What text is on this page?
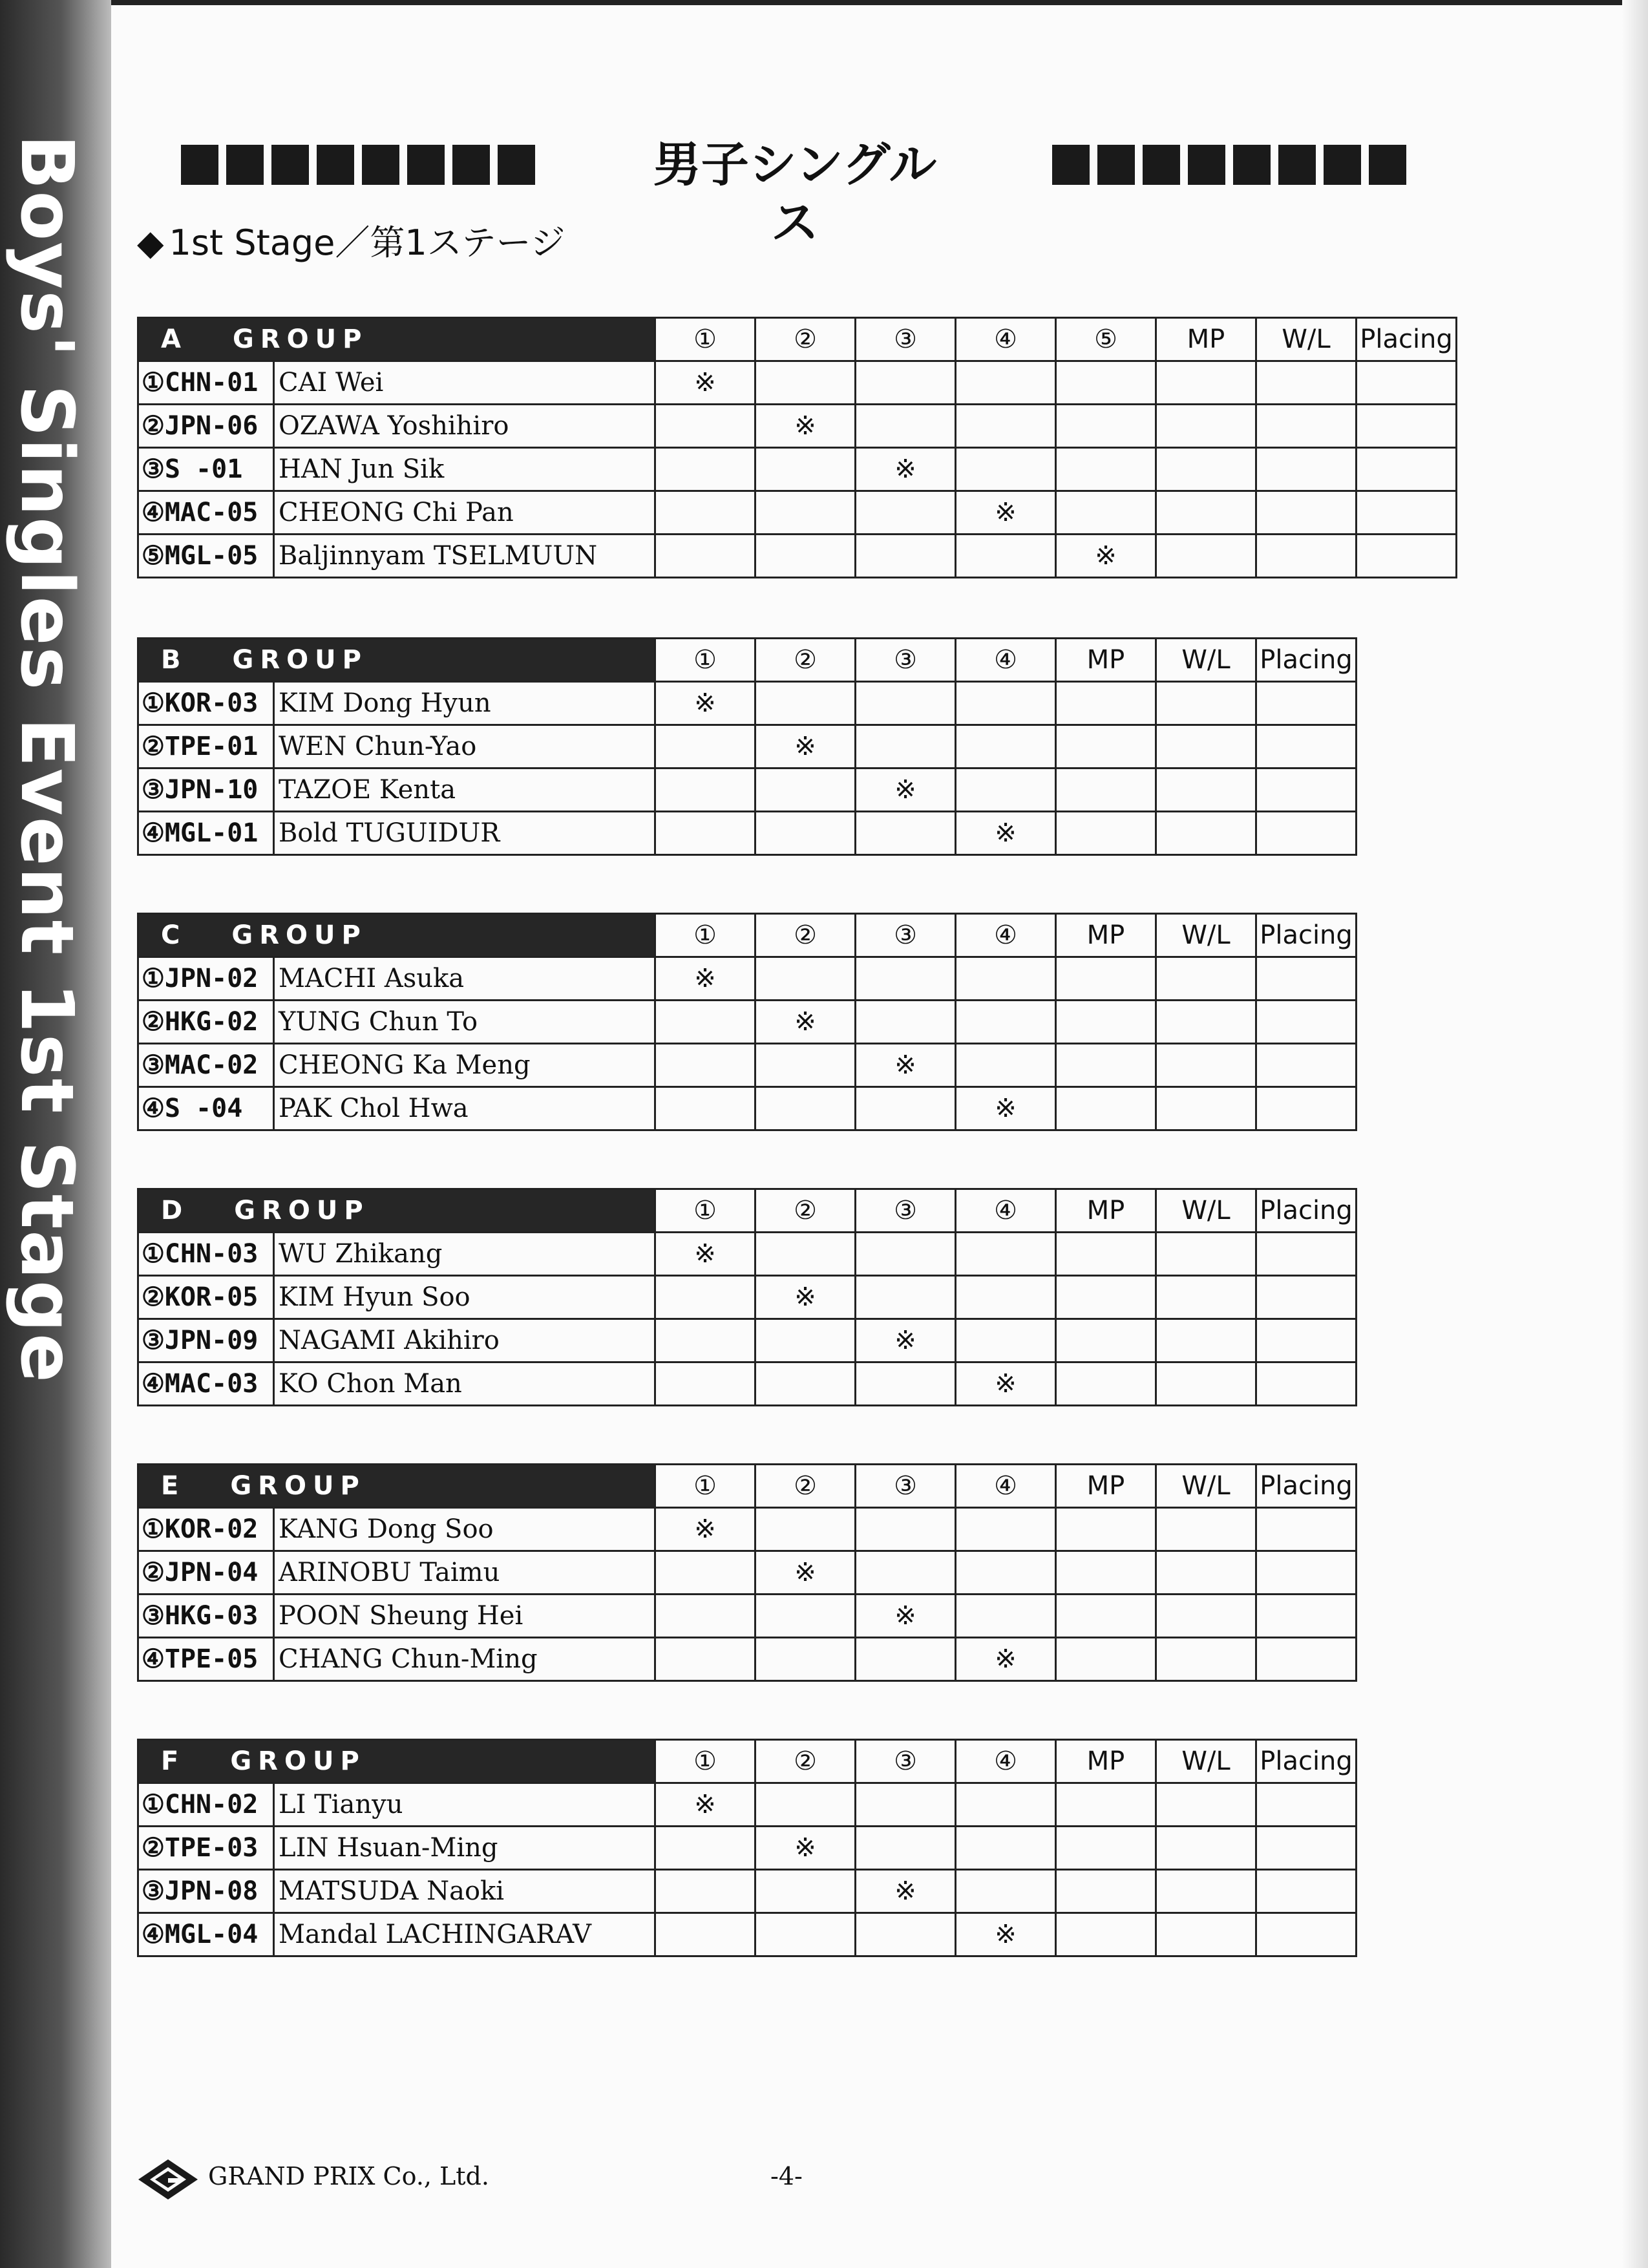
Boys' Singles Event 1st Stage	男子シングルス
◆ 1st Stage／第1ステージ
A GROUP		①	②	③	④	⑤	MP	W/L	Placing
①CHN-01	CAI Wei	※							
②JPN-06	OZAWA Yoshihiro		※						
③S -01	HAN Jun Sik			※					
④MAC-05	CHEONG Chi Pan				※				
⑤MGL-05	Baljinnyam TSELMUUN					※			
B GROUP		①	②	③	④	MP	W/L	Placing
①KOR-03	KIM Dong Hyun	※						
②TPE-01	WEN Chun-Yao		※					
③JPN-10	TAZOE Kenta			※				
④MGL-01	Bold TUGUIDUR				※			
C GROUP		①	②	③	④	MP	W/L	Placing
①JPN-02	MACHI Asuka	※						
②HKG-02	YUNG Chun To		※					
③MAC-02	CHEONG Ka Meng			※				
④S -04	PAK Chol Hwa				※			
D GROUP		①	②	③	④	MP	W/L	Placing
①CHN-03	WU Zhikang	※						
②KOR-05	KIM Hyun Soo		※					
③JPN-09	NAGAMI Akihiro			※				
④MAC-03	KO Chon Man				※			
E GROUP		①	②	③	④	MP	W/L	Placing
①KOR-02	KANG Dong Soo	※						
②JPN-04	ARINOBU Taimu		※					
③HKG-03	POON Sheung Hei			※				
④TPE-05	CHANG Chun-Ming				※			
F GROUP		①	②	③	④	MP	W/L	Placing
①CHN-02	LI Tianyu	※						
②TPE-03	LIN Hsuan-Ming		※					
③JPN-08	MATSUDA Naoki			※				
④MGL-04	Mandal LACHINGARAV				※			
GRAND PRIX Co., Ltd.	-4-
